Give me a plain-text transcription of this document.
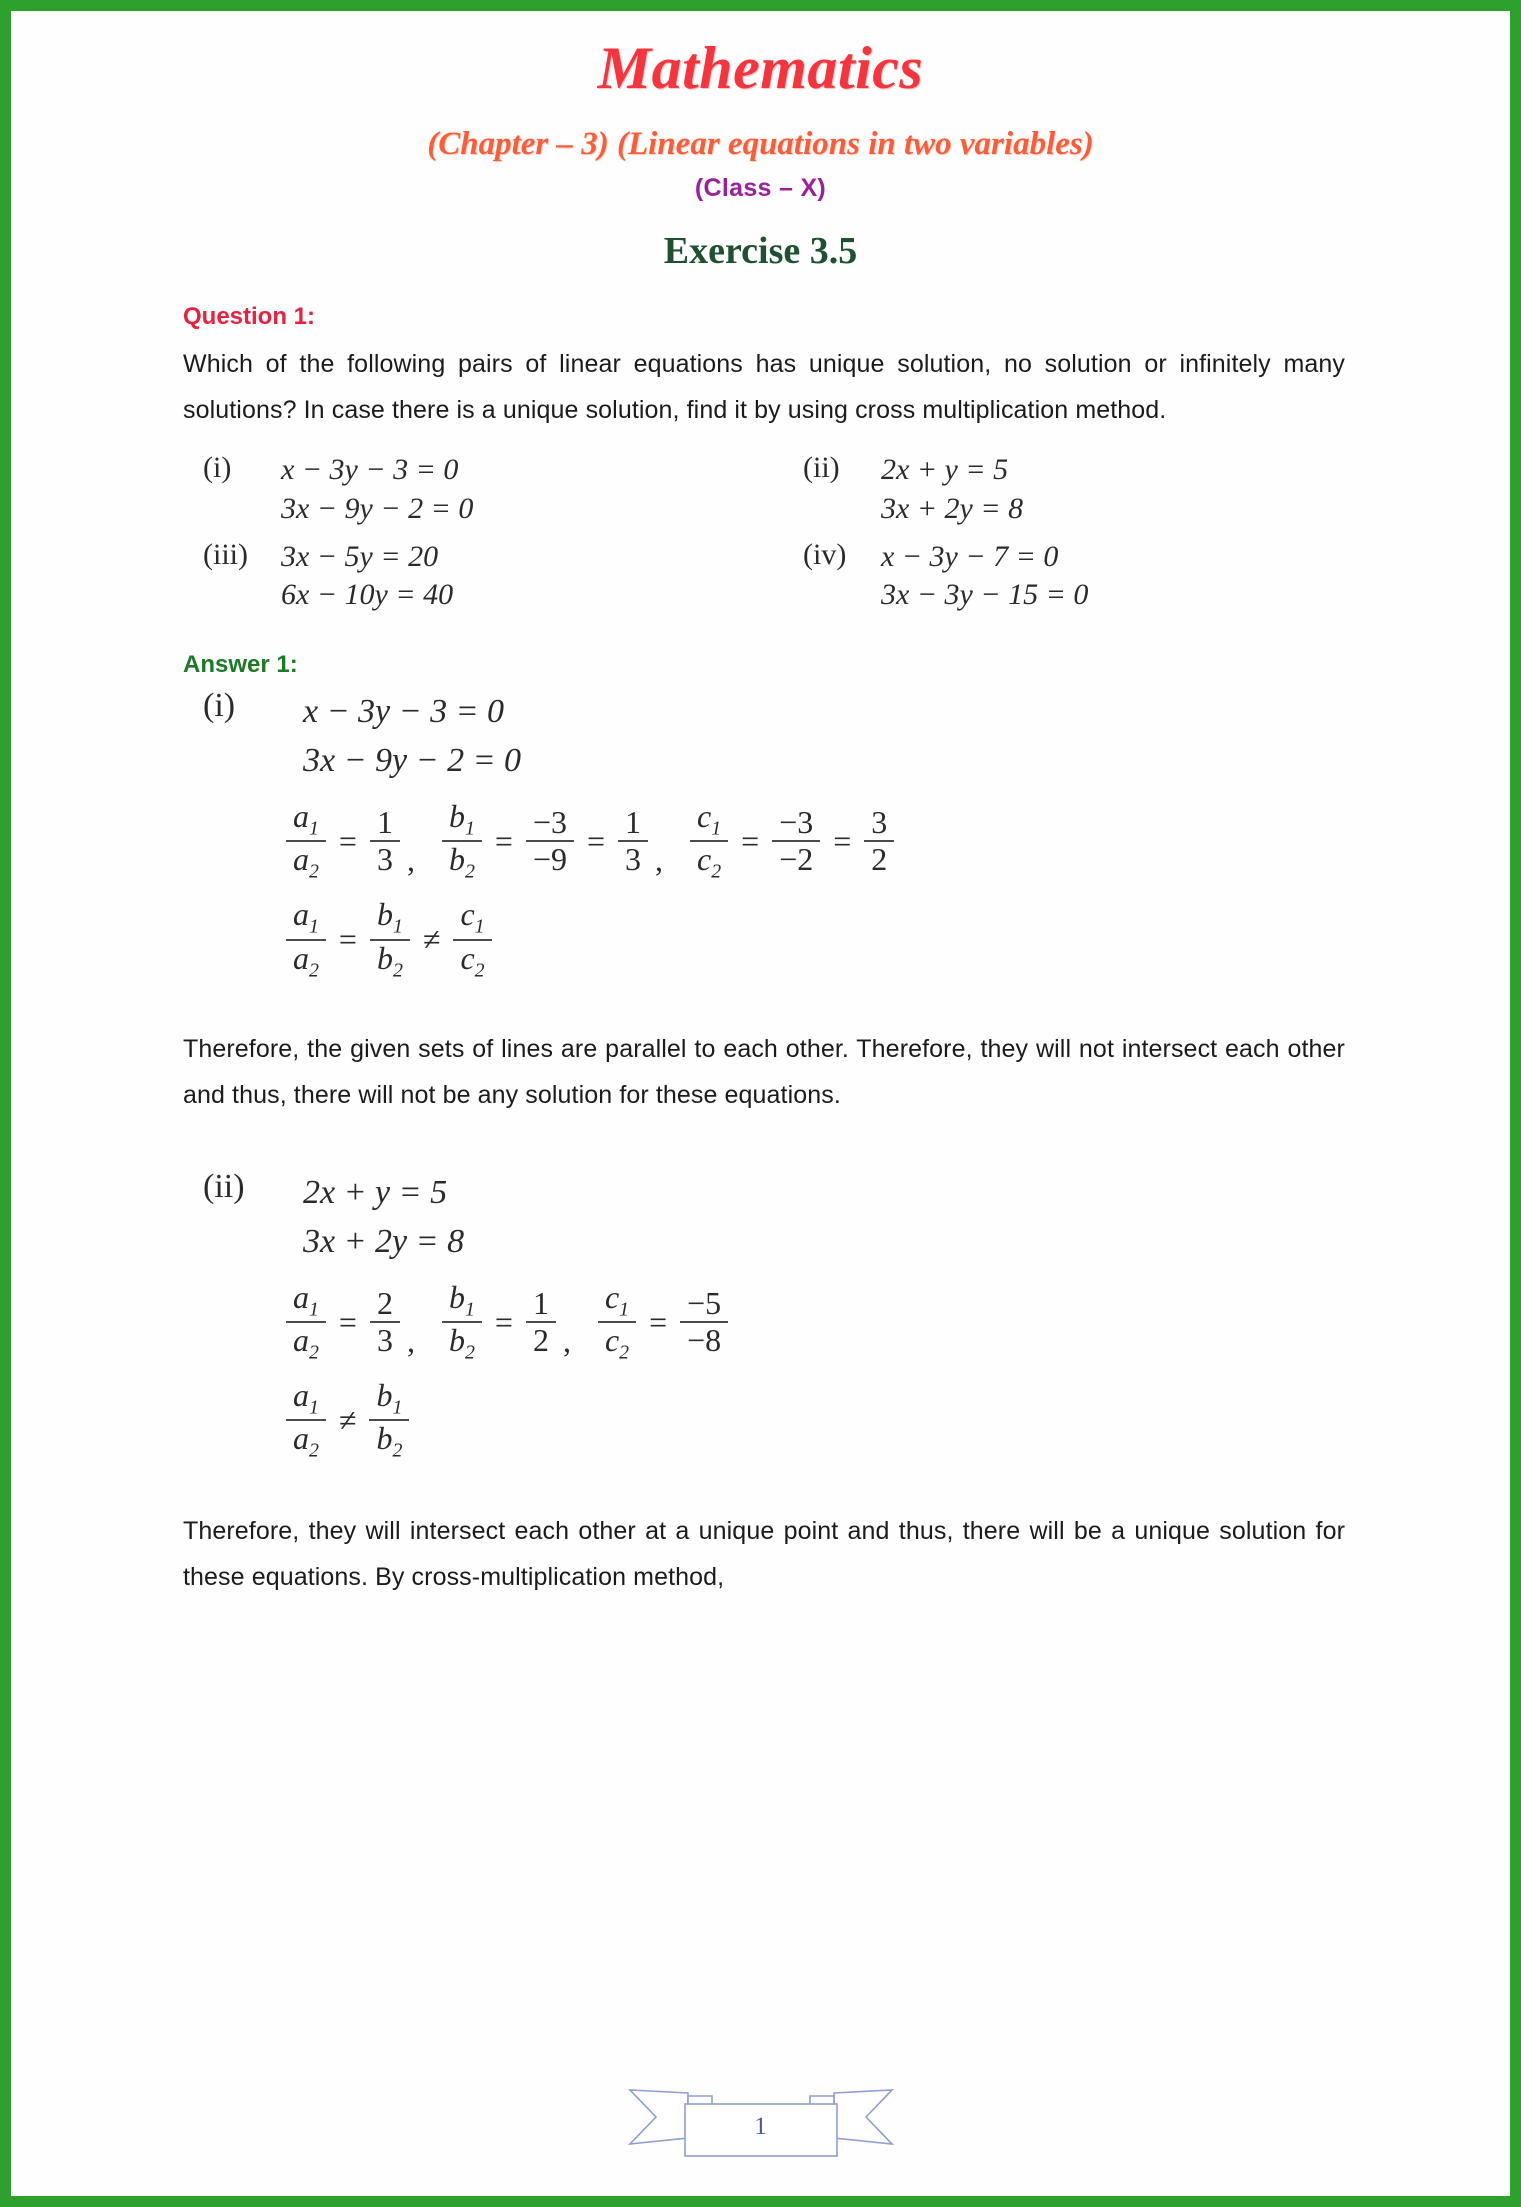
Mathematics
(Chapter – 3) (Linear equations in two variables)
(Class – X)
Exercise 3.5
Question 1:

Which of the following pairs of linear equations has unique solution, no solution or infinitely many solutions? In case there is a unique solution, find it by using cross multiplication method.

(i)	x − 3y − 3 = 0
3x − 9y − 2 = 0
(ii)	2x + y = 5
3x + 2y = 8
(iii)	3x − 5y = 20
6x − 10y = 40
(iv)	x − 3y − 7 = 0
3x − 3y − 15 = 0
Answer 1:
(i)	x − 3y − 3 = 0
3x − 9y − 2 = 0
$\frac{a_1}{a_2} = \frac{1}{3}$ , $\frac{b_1}{b_2} = \frac{-3}{-9} = \frac{1}{3}$ , $\frac{c_1}{c_2} = \frac{-3}{-2} = \frac{3}{2}$
$\frac{a_1}{a_2} = \frac{b_1}{b_2} \ne \frac{c_1}{c_2}$

Therefore, the given sets of lines are parallel to each other. Therefore, they will not intersect each other and thus, there will not be any solution for these equations.

(ii)	2x + y = 5
3x + 2y = 8
$\frac{a_1}{a_2} = \frac{2}{3}$ , $\frac{b_1}{b_2} = \frac{1}{2}$ , $\frac{c_1}{c_2} = \frac{-5}{-8}$
$\frac{a_1}{a_2} \ne \frac{b_1}{b_2}$

Therefore, they will intersect each other at a unique point and thus, there will be a unique solution for these equations. By cross-multiplication method,

1
